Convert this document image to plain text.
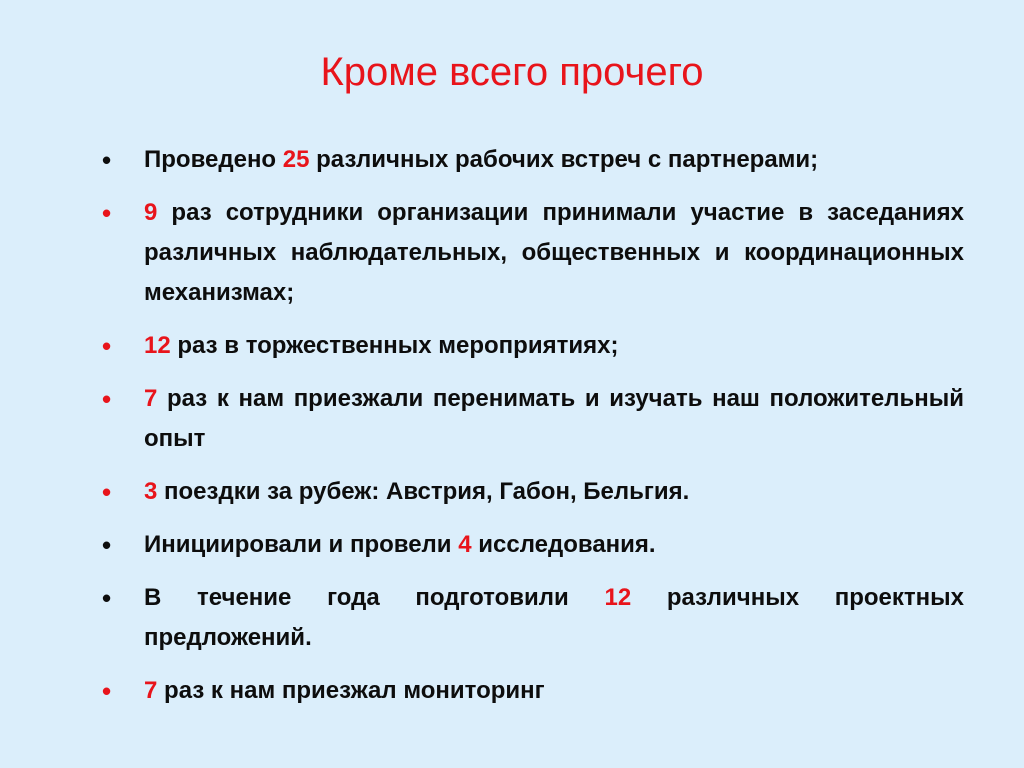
Кроме всего прочего
•	Проведено 25 различных рабочих встреч с партнерами;
•	9 раз сотрудники организации принимали участие в заседаниях различных наблюдательных, общественных и координационных механизмах;
•	12 раз в торжественных мероприятиях;
•	7 раз к нам приезжали перенимать и изучать наш положительный опыт
•	3 поездки за рубеж: Австрия, Габон, Бельгия.
•	Инициировали и провели 4 исследования.
•	В течение года подготовили 12 различных проектных предложений.
•	7 раз к нам приезжал мониторинг
